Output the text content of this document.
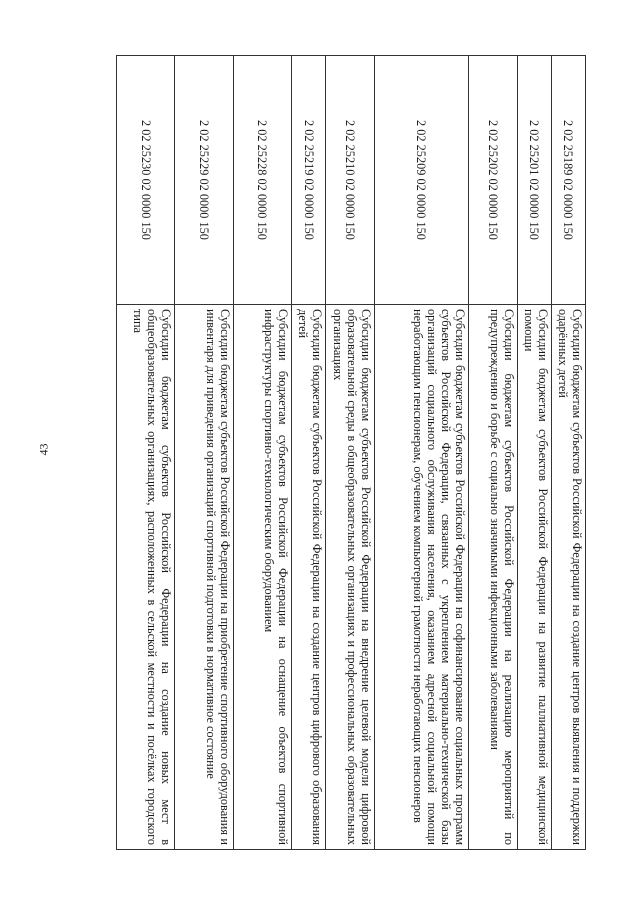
43
2 02 25189 02 0000 150	Субсидии бюджетам субъектов Российской Федерации на создание центров выявления и поддержки одарённых детей
2 02 25201 02 0000 150	Субсидии бюджетам субъектов Российской Федерации на развитие паллиативной медицинской помощи
2 02 25202 02 0000 150	Субсидии бюджетам субъектов Российской Федерации на реализацию мероприятий по предупреждению и борьбе с социально значимыми инфекционными заболеваниями
2 02 25209 02 0000 150	Субсидии бюджетам субъектов Российской Федерации на софинансирование социальных программ субъектов Российской Федерации, связанных с укреплением материально-технической базы организаций социального обслуживания населения, оказанием адресной социальной помощи неработающим пенсионерам, обучением компьютерной грамотности неработающих пенсионеров
2 02 25210 02 0000 150	Субсидии бюджетам субъектов Российской Федерации на внедрение целевой модели цифровой образовательной среды в общеобразовательных организациях и профессиональных образовательных организациях
2 02 25219 02 0000 150	Субсидии бюджетам субъектов Российской Федерации на создание центров цифрового образования детей
2 02 25228 02 0000 150	Субсидии бюджетам субъектов Российской Федерации на оснащение объектов спортивной инфраструктуры спортивно-технологическим оборудованием
2 02 25229 02 0000 150	Субсидии бюджетам субъектов Российской Федерации на приобретение спортивного оборудования и инвентаря для приведения организаций спортивной подготовки в нормативное состояние
2 02 25230 02 0000 150	Субсидии бюджетам субъектов Российской Федерации на создание новых мест в общеобразовательных организациях, расположенных в сельской местности и посёлках городского типа
